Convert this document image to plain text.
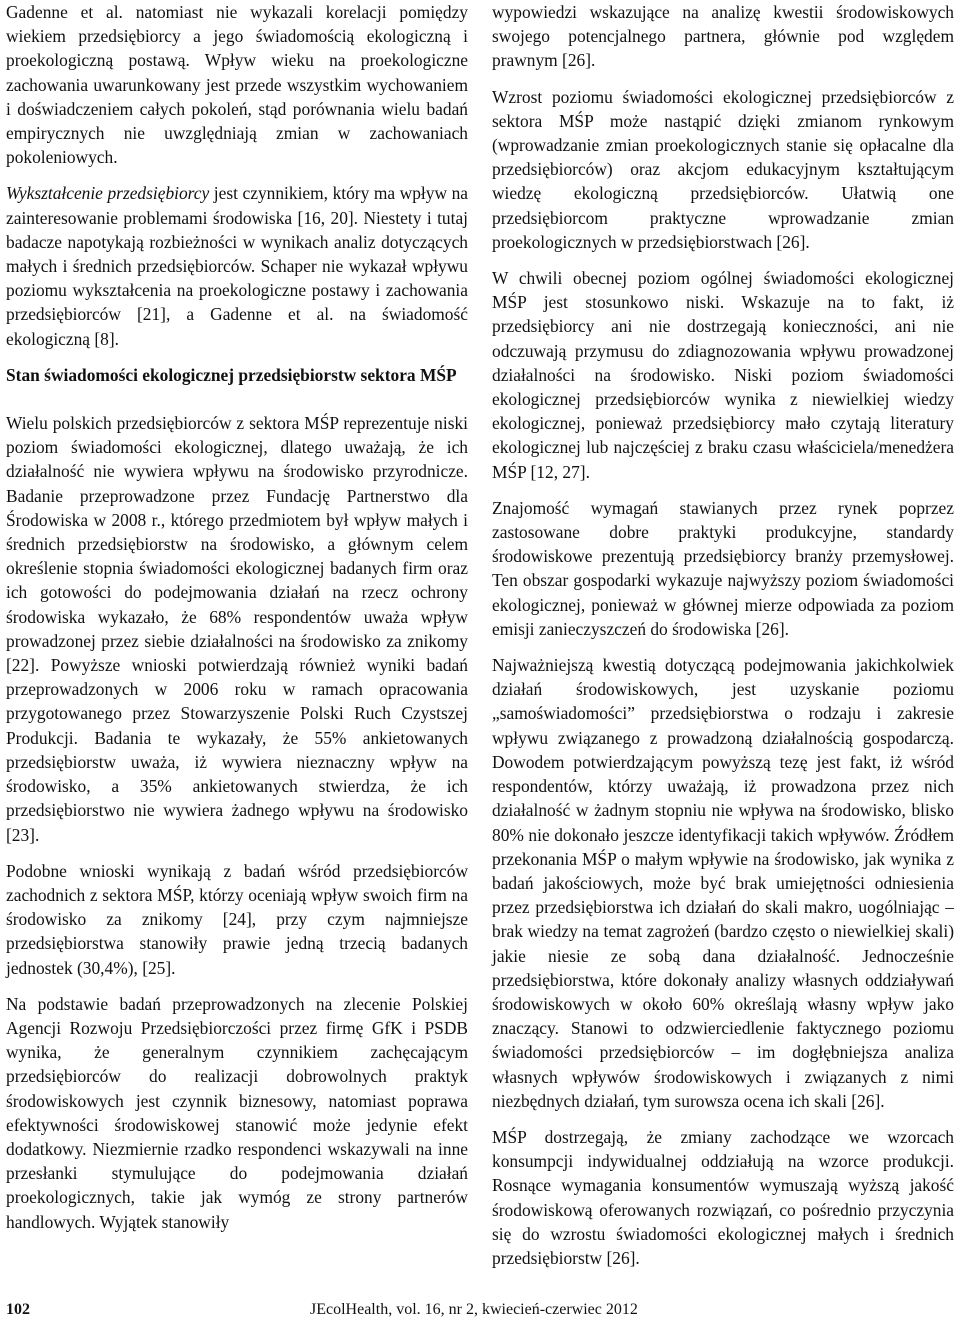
Gadenne et al. natomiast nie wykazali korelacji pomiędzy wiekiem przedsiębiorcy a jego świadomością ekologiczną i proekologiczną postawą. Wpływ wieku na proekologiczne zachowania uwarunkowany jest przede wszystkim wychowaniem i doświadczeniem całych pokoleń, stąd porównania wielu badań empirycznych nie uwzględniają zmian w zachowaniach pokoleniowych.

Wykształcenie przedsiębiorcy jest czynnikiem, który ma wpływ na zainteresowanie problemami środowiska [16, 20]. Niestety i tutaj badacze napotykają rozbieżności w wynikach analiz dotyczących małych i średnich przedsiębiorców. Schaper nie wykazał wpływu poziomu wykształcenia na proekologiczne postawy i zachowania przedsiębiorców [21], a Gadenne et al. na świadomość ekologiczną [8].

Stan świadomości ekologicznej przedsiębiorstw sektora MŚP

Wielu polskich przedsiębiorców z sektora MŚP reprezentuje niski poziom świadomości ekologicznej, dlatego uważają, że ich działalność nie wywiera wpływu na środowisko przyrodnicze. Badanie przeprowadzone przez Fundację Partnerstwo dla Środowiska w 2008 r., którego przedmiotem był wpływ małych i średnich przedsiębiorstw na środowisko, a głównym celem określenie stopnia świadomości ekologicznej badanych firm oraz ich gotowości do podejmowania działań na rzecz ochrony środowiska wykazało, że 68% respondentów uważa wpływ prowadzonej przez siebie działalności na środowisko za znikomy [22]. Powyższe wnioski potwierdzają również wyniki badań przeprowadzonych w 2006 roku w ramach opracowania przygotowanego przez Stowarzyszenie Polski Ruch Czystszej Produkcji. Badania te wykazały, że 55% ankietowanych przedsiębiorstw uważa, iż wywiera nieznaczny wpływ na środowisko, a 35% ankietowanych stwierdza, że ich przedsiębiorstwo nie wywiera żadnego wpływu na środowisko [23].

Podobne wnioski wynikają z badań wśród przedsiębiorców zachodnich z sektora MŚP, którzy oceniają wpływ swoich firm na środowisko za znikomy [24], przy czym najmniejsze przedsiębiorstwa stanowiły prawie jedną trzecią badanych jednostek (30,4%), [25].

Na podstawie badań przeprowadzonych na zlecenie Polskiej Agencji Rozwoju Przedsiębiorczości przez firmę GfK i PSDB wynika, że generalnym czynnikiem zachęcającym przedsiębiorców do realizacji dobrowolnych praktyk środowiskowych jest czynnik biznesowy, natomiast poprawa efektywności środowiskowej stanowić może jedynie efekt dodatkowy. Niezmiernie rzadko respondenci wskazywali na inne przesłanki stymulujące do podejmowania działań proekologicznych, takie jak wymóg ze strony partnerów handlowych. Wyjątek stanowiły

wypowiedzi wskazujące na analizę kwestii środowiskowych swojego potencjalnego partnera, głównie pod względem prawnym [26].

Wzrost poziomu świadomości ekologicznej przedsiębiorców z sektora MŚP może nastąpić dzięki zmianom rynkowym (wprowadzanie zmian proekologicznych stanie się opłacalne dla przedsiębiorców) oraz akcjom edukacyjnym kształtującym wiedzę ekologiczną przedsiębiorców. Ułatwią one przedsiębiorcom praktyczne wprowadzanie zmian proekologicznych w przedsiębiorstwach [26].

W chwili obecnej poziom ogólnej świadomości ekologicznej MŚP jest stosunkowo niski. Wskazuje na to fakt, iż przedsiębiorcy ani nie dostrzegają konieczności, ani nie odczuwają przymusu do zdiagnozowania wpływu prowadzonej działalności na środowisko. Niski poziom świadomości ekologicznej przedsiębiorców wynika z niewielkiej wiedzy ekologicznej, ponieważ przedsiębiorcy mało czytają literatury ekologicznej lub najczęściej z braku czasu właściciela/menedżera MŚP [12, 27].

Znajomość wymagań stawianych przez rynek poprzez zastosowane dobre praktyki produkcyjne, standardy środowiskowe prezentują przedsiębiorcy branży przemysłowej. Ten obszar gospodarki wykazuje najwyższy poziom świadomości ekologicznej, ponieważ w głównej mierze odpowiada za poziom emisji zanieczyszczeń do środowiska [26].

Najważniejszą kwestią dotyczącą podejmowania jakichkolwiek działań środowiskowych, jest uzyskanie poziomu „samoświadomości” przedsiębiorstwa o rodzaju i zakresie wpływu związanego z prowadzoną działalnością gospodarczą. Dowodem potwierdzającym powyższą tezę jest fakt, iż wśród respondentów, którzy uważają, iż prowadzona przez nich działalność w żadnym stopniu nie wpływa na środowisko, blisko 80% nie dokonało jeszcze identyfikacji takich wpływów. Źródłem przekonania MŚP o małym wpływie na środowisko, jak wynika z badań jakościowych, może być brak umiejętności odniesienia przez przedsiębiorstwa ich działań do skali makro, uogólniając – brak wiedzy na temat zagrożeń (bardzo często o niewielkiej skali) jakie niesie ze sobą dana działalność. Jednocześnie przedsiębiorstwa, które dokonały analizy własnych oddziaływań środowiskowych w około 60% określają własny wpływ jako znaczący. Stanowi to odzwierciedlenie faktycznego poziomu świadomości przedsiębiorców – im dogłębniejsza analiza własnych wpływów środowiskowych i związanych z nimi niezbędnych działań, tym surowsza ocena ich skali [26].

MŚP dostrzegają, że zmiany zachodzące we wzorcach konsumpcji indywidualnej oddziałują na wzorce produkcji. Rosnące wymagania konsumentów wymuszają wyższą jakość środowiskową oferowanych rozwiązań, co pośrednio przyczynia się do wzrostu świadomości ekologicznej małych i średnich przedsiębiorstw [26].

102	JEcolHealth, vol. 16, nr 2, kwiecień-czerwiec 2012
